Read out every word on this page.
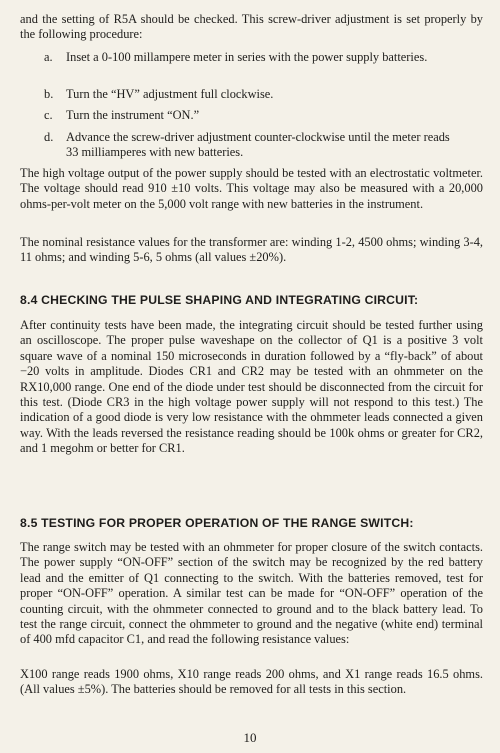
and the setting of R5A should be checked. This screw-driver adjustment is set properly by the following procedure:

a.	Inset a 0-100 millampere meter in series with the power supply batteries.
b.	Turn the “HV” adjustment full clockwise.
c.	Turn the instrument “ON.”
d.	Advance the screw-driver adjustment counter-clockwise until the meter reads 33 milliamperes with new batteries.

The high voltage output of the power supply should be tested with an electrostatic voltmeter. The voltage should read 910 ±10 volts. This voltage may also be measured with a 20,000 ohms-per-volt meter on the 5,000 volt range with new batteries in the instrument.

The nominal resistance values for the transformer are: winding 1-2, 4500 ohms; winding 3-4, 11 ohms; and winding 5-6, 5 ohms (all values ±20%).

8.4 CHECKING THE PULSE SHAPING AND INTEGRATING CIRCUIT:

After continuity tests have been made, the integrating circuit should be tested further using an oscilloscope. The proper pulse waveshape on the collector of Q1 is a positive 3 volt square wave of a nominal 150 microseconds in duration followed by a “fly-back” of about −20 volts in amplitude. Diodes CR1 and CR2 may be tested with an ohmmeter on the RX10,000 range. One end of the diode under test should be disconnected from the circuit for this test. (Diode CR3 in the high voltage power supply will not respond to this test.) The indication of a good diode is very low resistance with the ohmmeter leads connected a given way. With the leads reversed the resistance reading should be 100k ohms or greater for CR2, and 1 megohm or better for CR1.

8.5 TESTING FOR PROPER OPERATION OF THE RANGE SWITCH:

The range switch may be tested with an ohmmeter for proper closure of the switch contacts. The power supply “ON-OFF” section of the switch may be recognized by the red battery lead and the emitter of Q1 connecting to the switch. With the batteries removed, test for proper “ON-OFF” operation. A similar test can be made for “ON-OFF” operation of the counting circuit, with the ohmmeter connected to ground and to the black battery lead. To test the range circuit, connect the ohmmeter to ground and the negative (white end) terminal of 400 mfd capacitor C1, and read the following resistance values:

X100 range reads 1900 ohms, X10 range reads 200 ohms, and X1 range reads 16.5 ohms. (All values ±5%). The batteries should be removed for all tests in this section.

10
